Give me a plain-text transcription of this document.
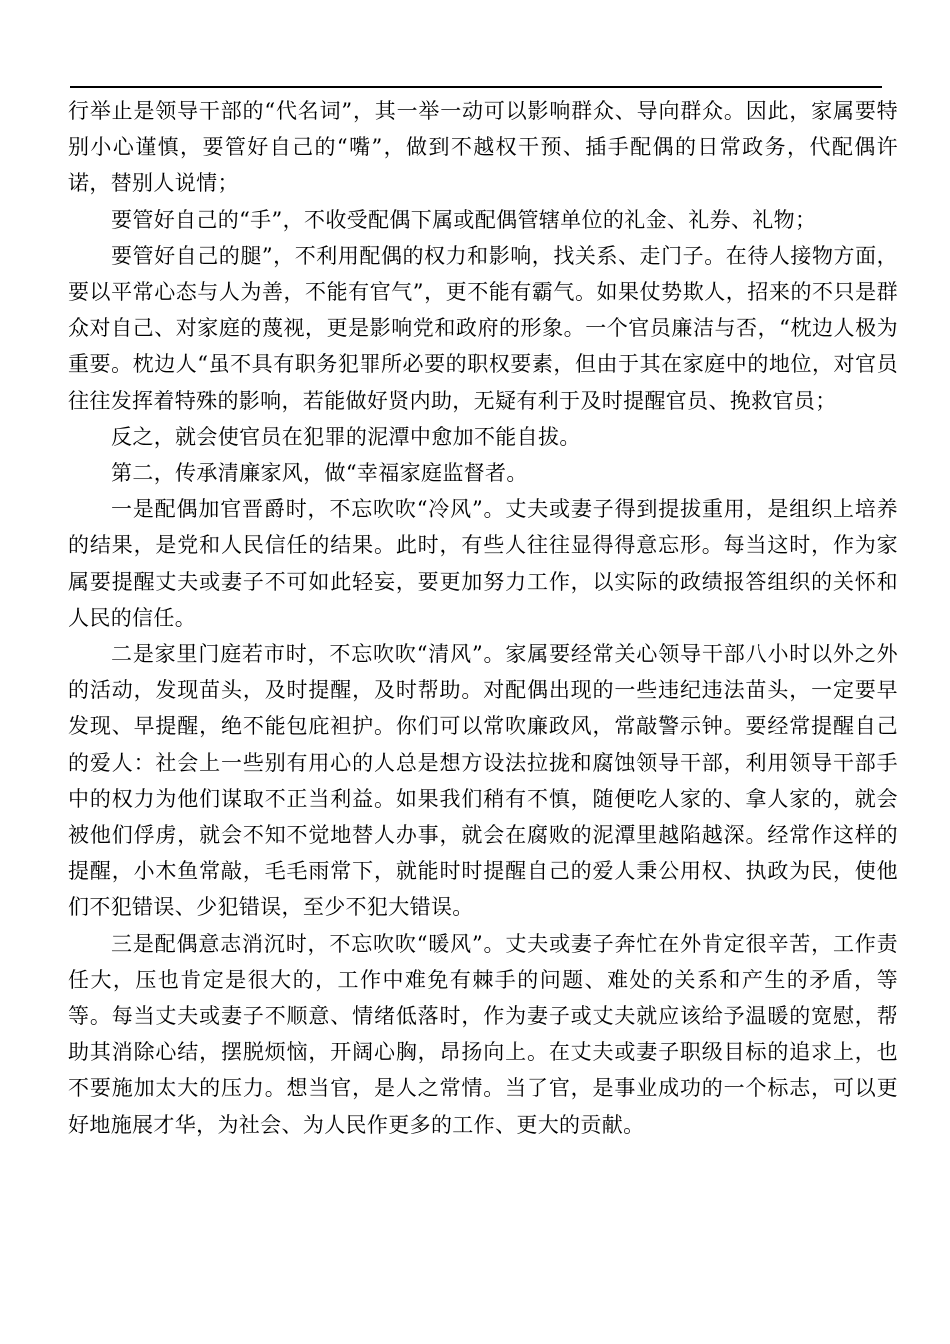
行举止是领导干部的“代名词”，其一举一动可以影响群众、导向群众。因此，家属要特别小心谨慎，要管好自己的“嘴”，做到不越权干预、插手配偶的日常政务，代配偶许诺，替别人说情；

要管好自己的“手”，不收受配偶下属或配偶管辖单位的礼金、礼券、礼物；

要管好自己的腿”，不利用配偶的权力和影响，找关系、走门子。在待人接物方面，要以平常心态与人为善，不能有官气”，更不能有霸气。如果仗势欺人，招来的不只是群众对自己、对家庭的蔑视，更是影响党和政府的形象。一个官员廉洁与否，“枕边人极为重要。枕边人“虽不具有职务犯罪所必要的职权要素，但由于其在家庭中的地位，对官员往往发挥着特殊的影响，若能做好贤内助，无疑有利于及时提醒官员、挽救官员；

反之，就会使官员在犯罪的泥潭中愈加不能自拔。

第二，传承清廉家风，做“幸福家庭监督者。

一是配偶加官晋爵时，不忘吹吹“冷风”。丈夫或妻子得到提拔重用，是组织上培养的结果，是党和人民信任的结果。此时，有些人往往显得得意忘形。每当这时，作为家属要提醒丈夫或妻子不可如此轻妄，要更加努力工作，以实际的政绩报答组织的关怀和人民的信任。

二是家里门庭若市时，不忘吹吹“清风”。家属要经常关心领导干部八小时以外之外的活动，发现苗头，及时提醒，及时帮助。对配偶出现的一些违纪违法苗头，一定要早发现、早提醒，绝不能包庇袒护。你们可以常吹廉政风，常敲警示钟。要经常提醒自己的爱人：社会上一些别有用心的人总是想方设法拉拢和腐蚀领导干部，利用领导干部手中的权力为他们谋取不正当利益。如果我们稍有不慎，随便吃人家的、拿人家的，就会被他们俘虏，就会不知不觉地替人办事，就会在腐败的泥潭里越陷越深。经常作这样的提醒，小木鱼常敲，毛毛雨常下，就能时时提醒自己的爱人秉公用权、执政为民，使他们不犯错误、少犯错误，至少不犯大错误。

三是配偶意志消沉时，不忘吹吹“暖风”。丈夫或妻子奔忙在外肯定很辛苦，工作责任大，压也肯定是很大的，工作中难免有棘手的问题、难处的关系和产生的矛盾，等等。每当丈夫或妻子不顺意、情绪低落时，作为妻子或丈夫就应该给予温暖的宽慰，帮助其消除心结，摆脱烦恼，开阔心胸，昂扬向上。在丈夫或妻子职级目标的追求上，也不要施加太大的压力。想当官，是人之常情。当了官，是事业成功的一个标志，可以更好地施展才华，为社会、为人民作更多的工作、更大的贡献。
